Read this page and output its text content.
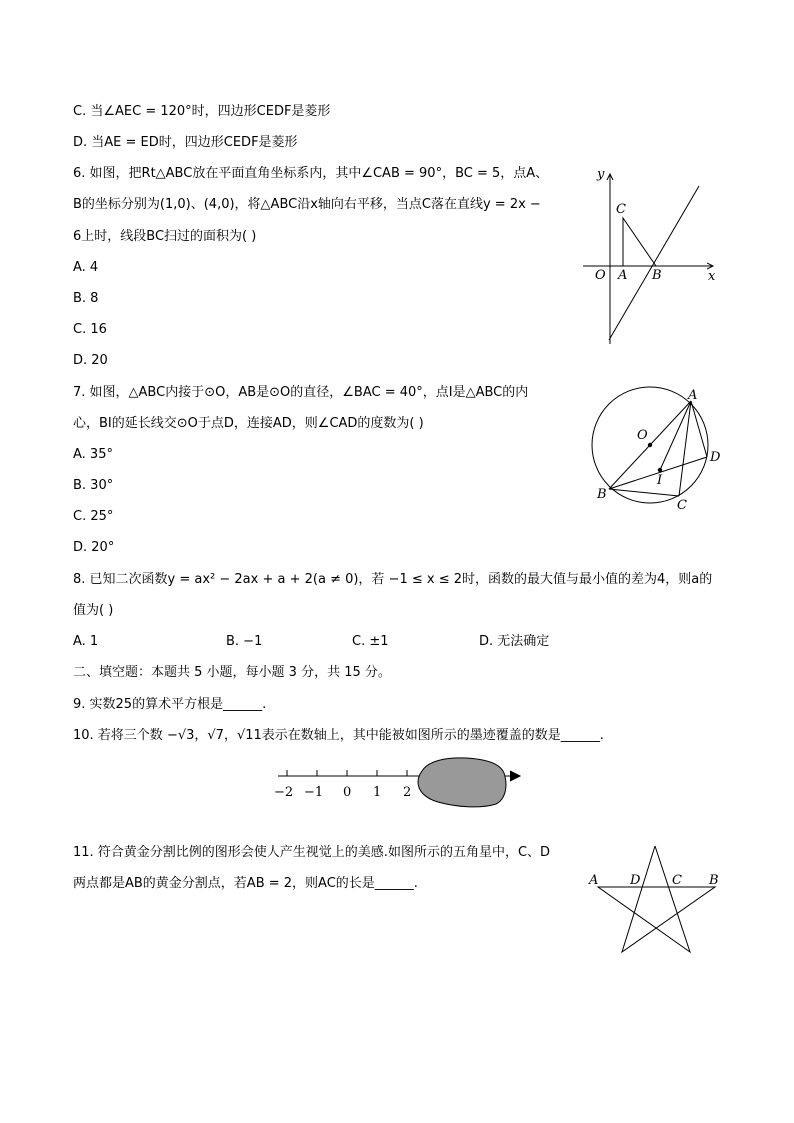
C. 当∠AEC = 120°时，四边形CEDF是菱形
D. 当AE = ED时，四边形CEDF是菱形
6. 如图，把Rt△ABC放在平面直角坐标系内，其中∠CAB = 90°，BC = 5，点A、
B的坐标分别为(1,0)、(4,0)，将△ABC沿x轴向右平移，当点C落在直线y = 2x −
6上时，线段BC扫过的面积为( )
A. 4
B. 8
C. 16
D. 20
y
x
O A B
C
7. 如图，△ABC内接于⊙O，AB是⊙O的直径，∠BAC = 40°，点I是△ABC的内
心，BI的延长线交⊙O于点D，连接AD，则∠CAD的度数为( )
A. 35°
B. 30°
C. 25°
D. 20°
A
O
D
I
B
C
8. 已知二次函数y = ax² − 2ax + a + 2(a ≠ 0)，若 −1 ≤ x ≤ 2时，函数的最大值与最小值的差为4，则a的
值为( )
A. 1	B. −1	C. ±1	D. 无法确定
二、填空题：本题共 5 小题，每小题 3 分，共 15 分。
9. 实数25的算术平方根是______.
10. 若将三个数 −√3，√7，√11表示在数轴上，其中能被如图所示的墨迹覆盖的数是______.
−2 −1 0 1 2
11. 符合黄金分割比例的图形会使人产生视觉上的美感.如图所示的五角星中，C、D
两点都是AB的黄金分割点，若AB = 2，则AC的长是______.	A D C B
